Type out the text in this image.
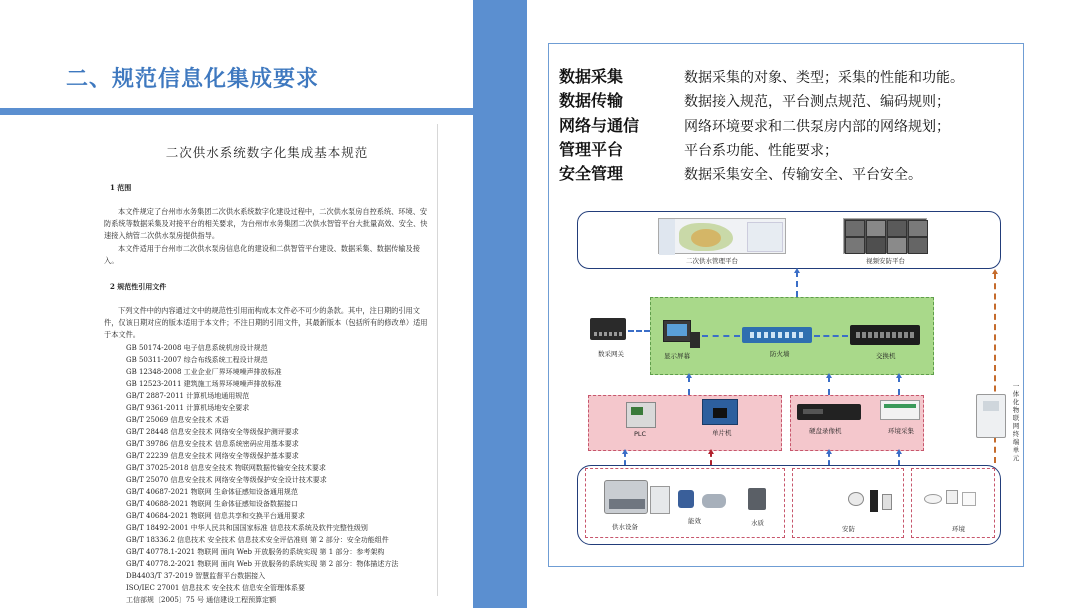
二、规范信息化集成要求
二次供水系统数字化集成基本规范
1 范围
本文件规定了台州市水务集团二次供水系统数字化建设过程中，二次供水泵房自控系统、环境、安防系统等数据采集及对接平台的相关要求，为台州市水务集团二次供水智管平台大批量高效、安全、快速接入纳管二次供水泵房提供指导。
本文件适用于台州市二次供水泵房信息化的建设和二供智管平台建设、数据采集、数据传输及接入。
2 规范性引用文件
下列文件中的内容通过文中的规范性引用而构成本文件必不可少的条款。其中，注日期的引用文件，仅该日期对应的版本适用于本文件；不注日期的引用文件，其最新版本（包括所有的修改单）适用于本文件。
GB 50174-2008 电子信息系统机房设计规范
GB 50311-2007 综合布线系统工程设计规范
GB 12348-2008 工业企业厂界环境噪声排放标准
GB 12523-2011 建筑施工场界环境噪声排放标准
GB/T 2887-2011 计算机场地通用规范
GB/T 9361-2011 计算机场地安全要求
GB/T 25069 信息安全技术 术语
GB/T 28448 信息安全技术 网络安全等级保护测评要求
GB/T 39786 信息安全技术 信息系统密码应用基本要求
GB/T 22239 信息安全技术 网络安全等级保护基本要求
GB/T 37025-2018 信息安全技术 物联网数据传输安全技术要求
GB/T 25070 信息安全技术 网络安全等级保护安全设计技术要求
GB/T 40687-2021 物联网 生命体征感知设备通用规范
GB/T 40688-2021 物联网 生命体征感知设备数据接口
GB/T 40684-2021 物联网 信息共享和交换平台通用要求
GB/T 18492-2001 中华人民共和国国家标准 信息技术系统及软件完整性级别
GB/T 18336.2 信息技术 安全技术 信息技术安全评估准则 第 2 部分：安全功能组件
GB/T 40778.1-2021 物联网 面向 Web 开放服务的系统实现 第 1 部分：参考架构
GB/T 40778.2-2021 物联网 面向 Web 开放服务的系统实现 第 2 部分：物体描述方法
DB4403/T 37-2019 智慧监督平台数据接入
ISO/IEC 27001 信息技术 安全技术 信息安全管理体系要
工信部规〔2005〕75 号 通信建设工程预算定额
数据采集	数据采集的对象、类型；采集的性能和功能。
数据传输	数据接入规范，平台测点规范、编码规则；
网络与通信	网络环境要求和二供泵房内部的网络规划；
管理平台	平台系功能、性能要求；
安全管理	数据采集安全、传输安全、平台安全。
二次供水管理平台	视频安防平台
显示屏幕	防火墙	交换机
数采网关
PLC	单片机	硬盘录像机	环境采集
一体化物联网终端单元
供水设备
能效	水质
安防	环境
